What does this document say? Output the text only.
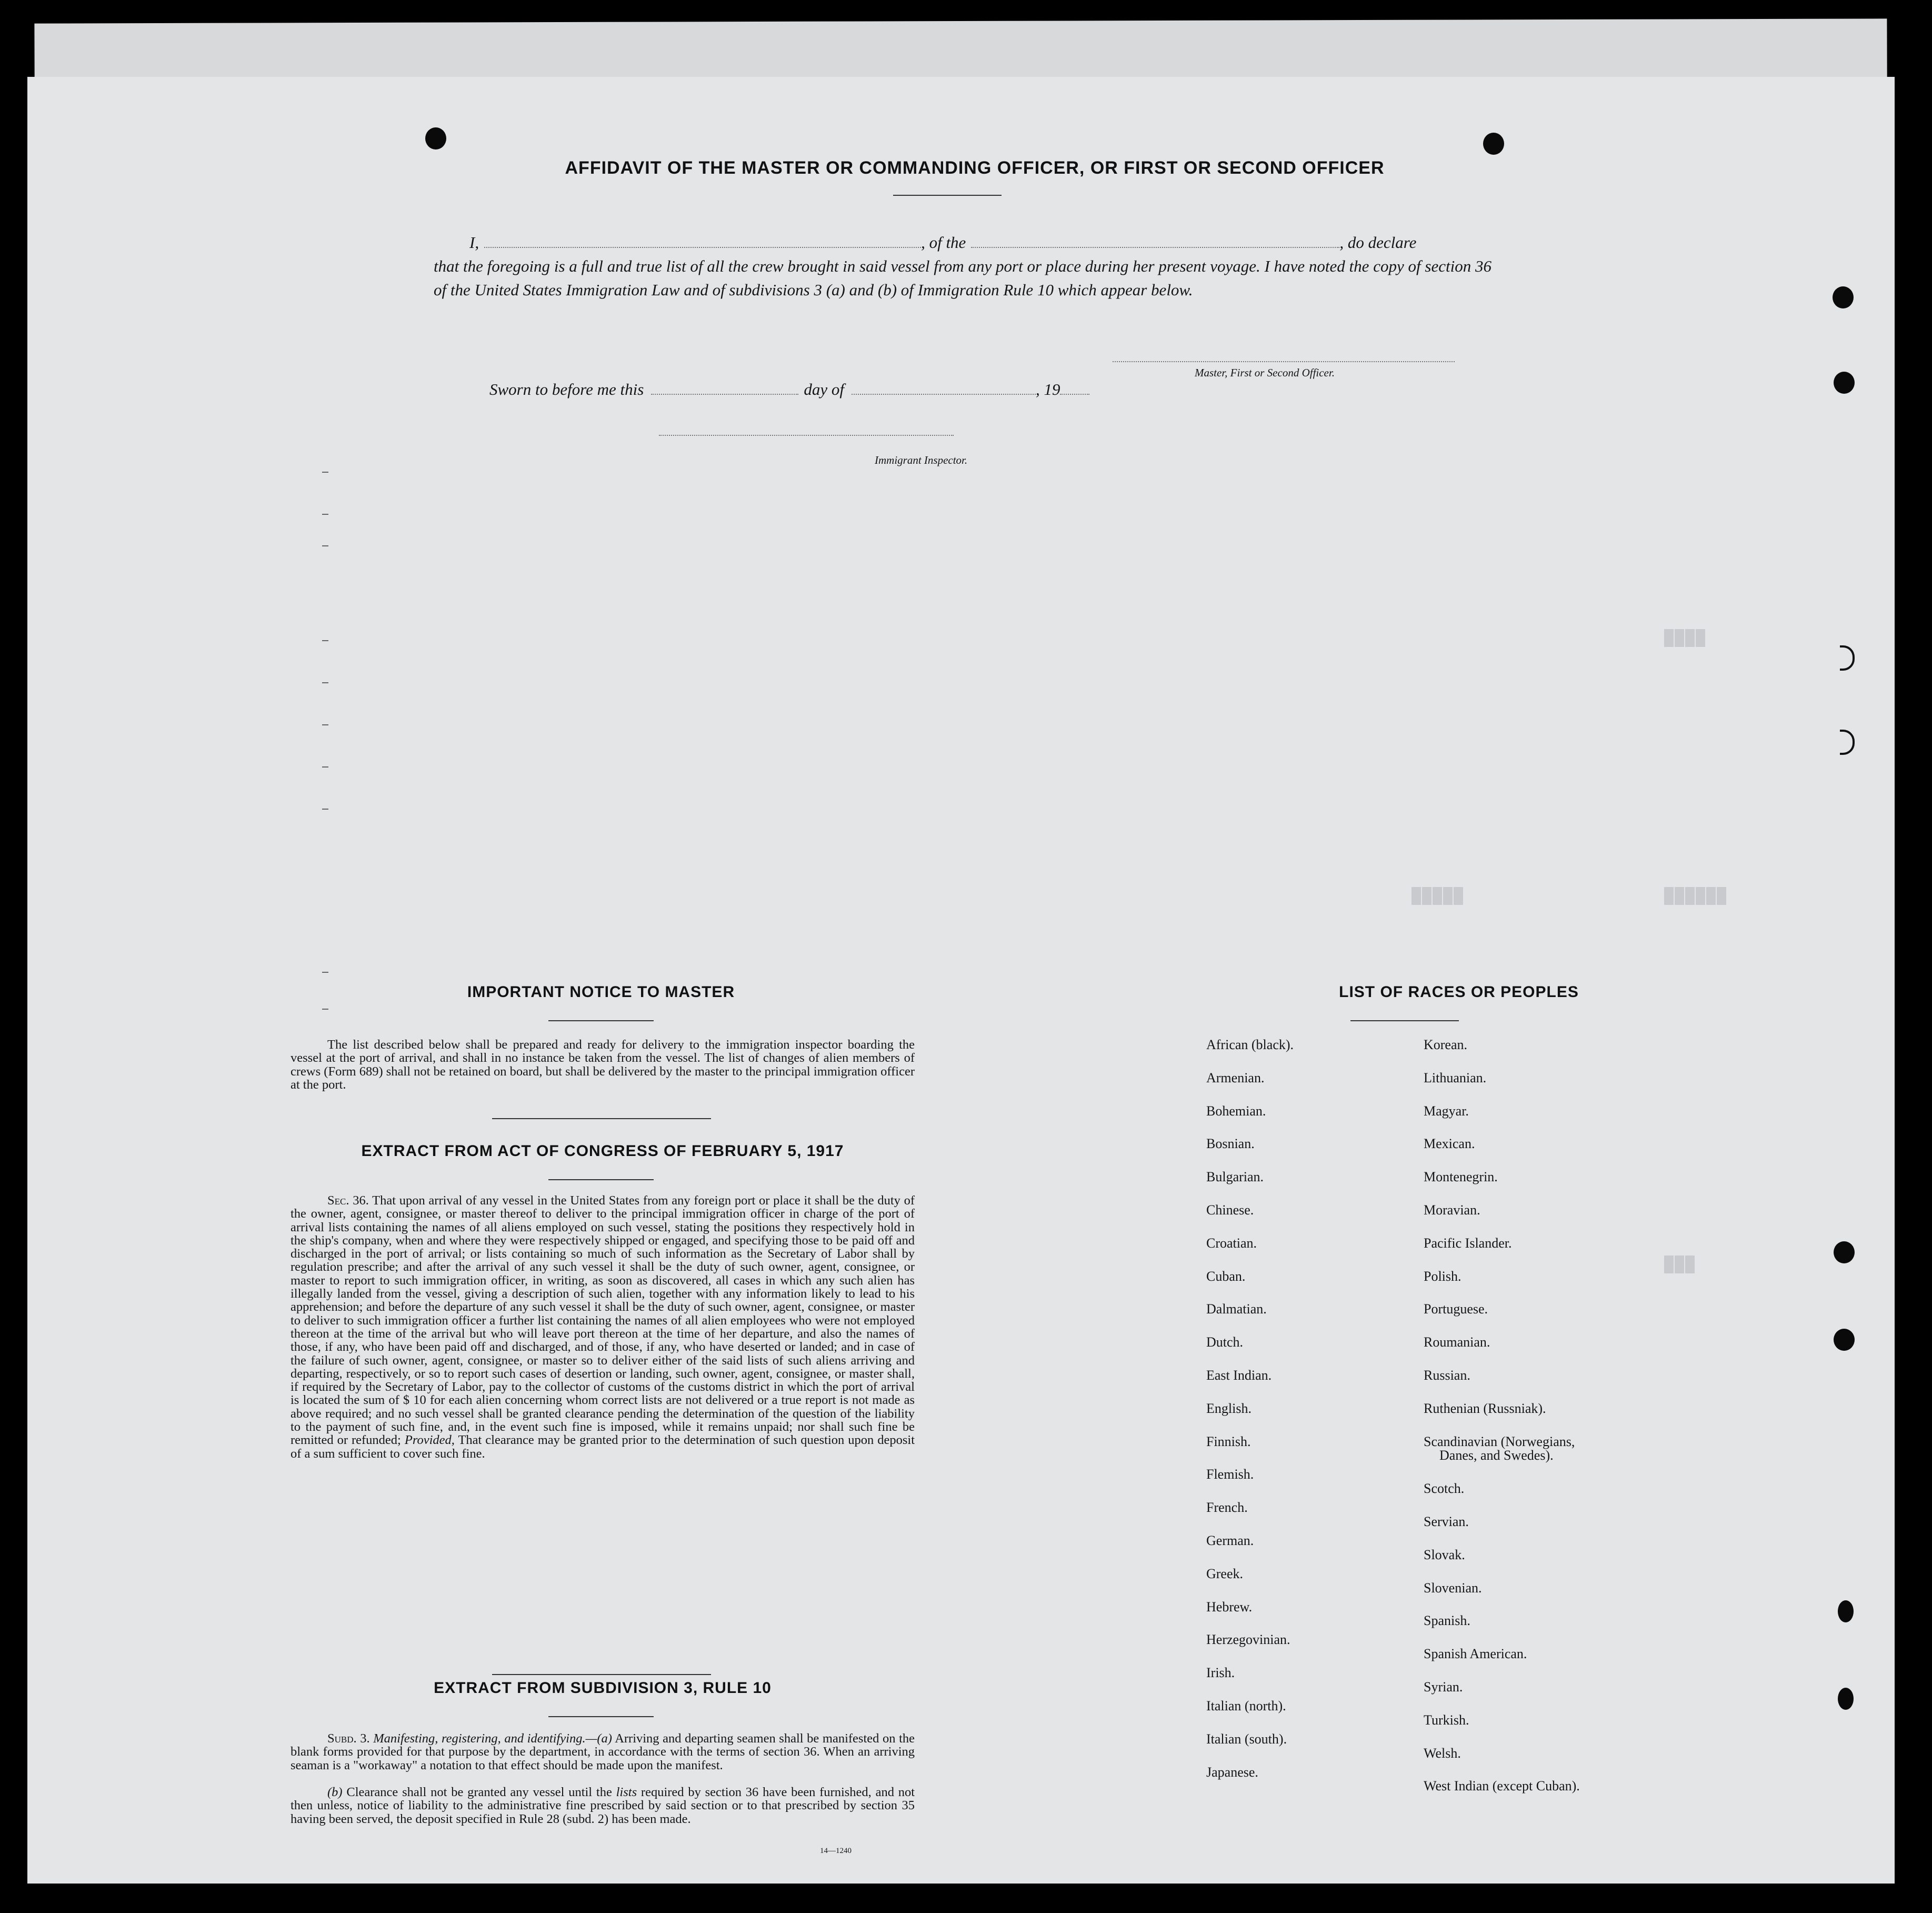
████
██████
█████
███
AFFIDAVIT OF THE MASTER OR COMMANDING OFFICER, OR FIRST OR SECOND OFFICER
I,	, of the	, do declare
that the foregoing is a full and true list of all the crew brought in said vessel from any port or place during her present voyage. I have noted the copy of section 36 of the United States Immigration Law and of subdivisions 3 (a) and (b) of Immigration Rule 10 which appear below.
Master, First or Second Officer.
Sworn to before me this	day of	, 19
Immigrant Inspector.
IMPORTANT NOTICE TO MASTER
The list described below shall be prepared and ready for delivery to the immigration inspector boarding the vessel at the port of arrival, and shall in no instance be taken from the vessel. The list of changes of alien members of crews (Form 689) shall not be retained on board, but shall be delivered by the master to the principal immigration officer at the port.
EXTRACT FROM ACT OF CONGRESS OF FEBRUARY 5, 1917
Sec. 36. That upon arrival of any vessel in the United States from any foreign port or place it shall be the duty of the owner, agent, consignee, or master thereof to deliver to the principal immigration officer in charge of the port of arrival lists containing the names of all aliens employed on such vessel, stating the positions they respectively hold in the ship's company, when and where they were respectively shipped or engaged, and specifying those to be paid off and discharged in the port of arrival; or lists containing so much of such information as the Secretary of Labor shall by regulation prescribe; and after the arrival of any such vessel it shall be the duty of such owner, agent, consignee, or master to report to such immigration officer, in writing, as soon as discovered, all cases in which any such alien has illegally landed from the vessel, giving a description of such alien, together with any information likely to lead to his apprehension; and before the departure of any such vessel it shall be the duty of such owner, agent, consignee, or master to deliver to such immigration officer a further list containing the names of all alien employees who were not employed thereon at the time of the arrival but who will leave port thereon at the time of her departure, and also the names of those, if any, who have been paid off and discharged, and of those, if any, who have deserted or landed; and in case of the failure of such owner, agent, consignee, or master so to deliver either of the said lists of such aliens arriving and departing, respectively, or so to report such cases of desertion or landing, such owner, agent, consignee, or master shall, if required by the Secretary of Labor, pay to the collector of customs of the customs district in which the port of arrival is located the sum of $ 10 for each alien concerning whom correct lists are not delivered or a true report is not made as above required; and no such vessel shall be granted clearance pending the determination of the question of the liability to the payment of such fine, and, in the event such fine is imposed, while it remains unpaid; nor shall such fine be remitted or refunded; Provided, That clearance may be granted prior to the determination of such question upon deposit of a sum sufficient to cover such fine.
EXTRACT FROM SUBDIVISION 3, RULE 10
Subd. 3. Manifesting, registering, and identifying.—(a) Arriving and departing seamen shall be manifested on the blank forms provided for that purpose by the department, in accordance with the terms of section 36. When an arriving seaman is a "workaway" a notation to that effect should be made upon the manifest.
(b) Clearance shall not be granted any vessel until the lists required by section 36 have been furnished, and not then unless, notice of liability to the administrative fine prescribed by said section or to that prescribed by section 35 having been served, the deposit specified in Rule 28 (subd. 2) has been made.
14—1240
LIST OF RACES OR PEOPLES
African (black).
Armenian.
Bohemian.
Bosnian.
Bulgarian.
Chinese.
Croatian.
Cuban.
Dalmatian.
Dutch.
East Indian.
English.
Finnish.
Flemish.
French.
German.
Greek.
Hebrew.
Herzegovinian.
Irish.
Italian (north).
Italian (south).
Japanese.
Korean.
Lithuanian.
Magyar.
Mexican.
Montenegrin.
Moravian.
Pacific Islander.
Polish.
Portuguese.
Roumanian.
Russian.
Ruthenian (Russniak).
Scandinavian (Norwegians,
Danes, and Swedes).
Scotch.
Servian.
Slovak.
Slovenian.
Spanish.
Spanish American.
Syrian.
Turkish.
Welsh.
West Indian (except Cuban).
